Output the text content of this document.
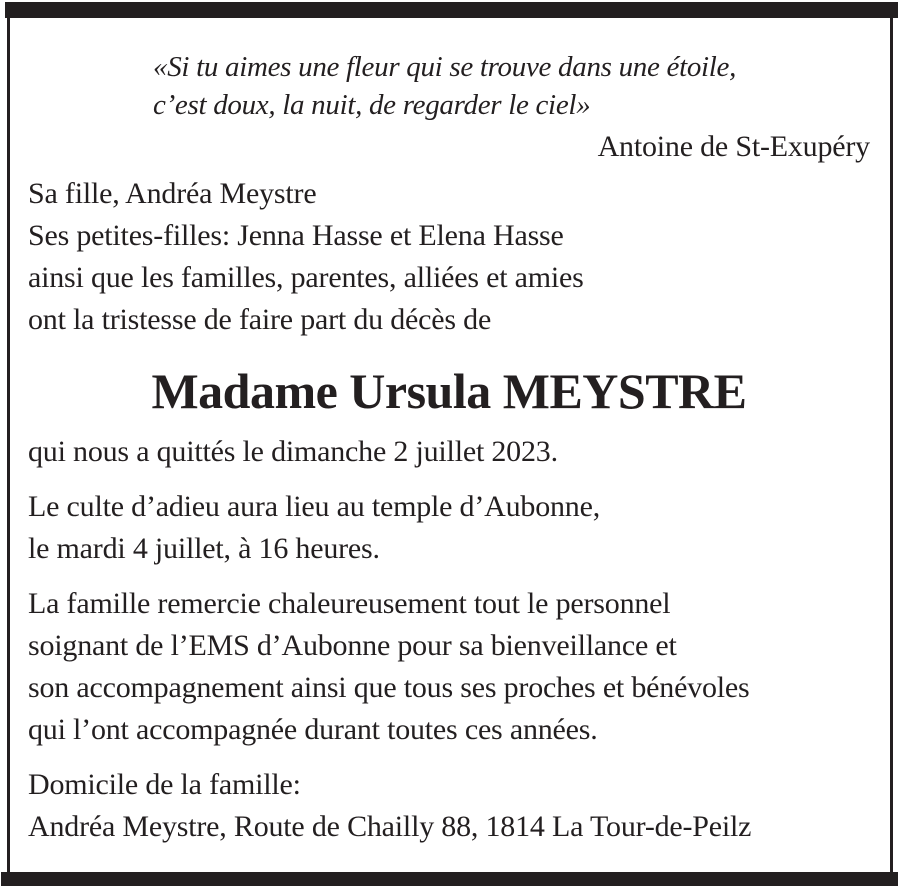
«Si tu aimes une fleur qui se trouve dans une étoile,
c’est doux, la nuit, de regarder le ciel»
Antoine de St-Exupéry
Sa fille, Andréa Meystre
Ses petites-filles: Jenna Hasse et Elena Hasse
ainsi que les familles, parentes, alliées et amies
ont la tristesse de faire part du décès de
Madame Ursula MEYSTRE
qui nous a quittés le dimanche 2 juillet 2023.
Le culte d’adieu aura lieu au temple d’Aubonne,
le mardi 4 juillet, à 16 heures.
La famille remercie chaleureusement tout le personnel
soignant de l’EMS d’Aubonne pour sa bienveillance et
son accompagnement ainsi que tous ses proches et bénévoles
qui l’ont accompagnée durant toutes ces années.
Domicile de la famille:
Andréa Meystre, Route de Chailly 88, 1814 La Tour-de-Peilz
